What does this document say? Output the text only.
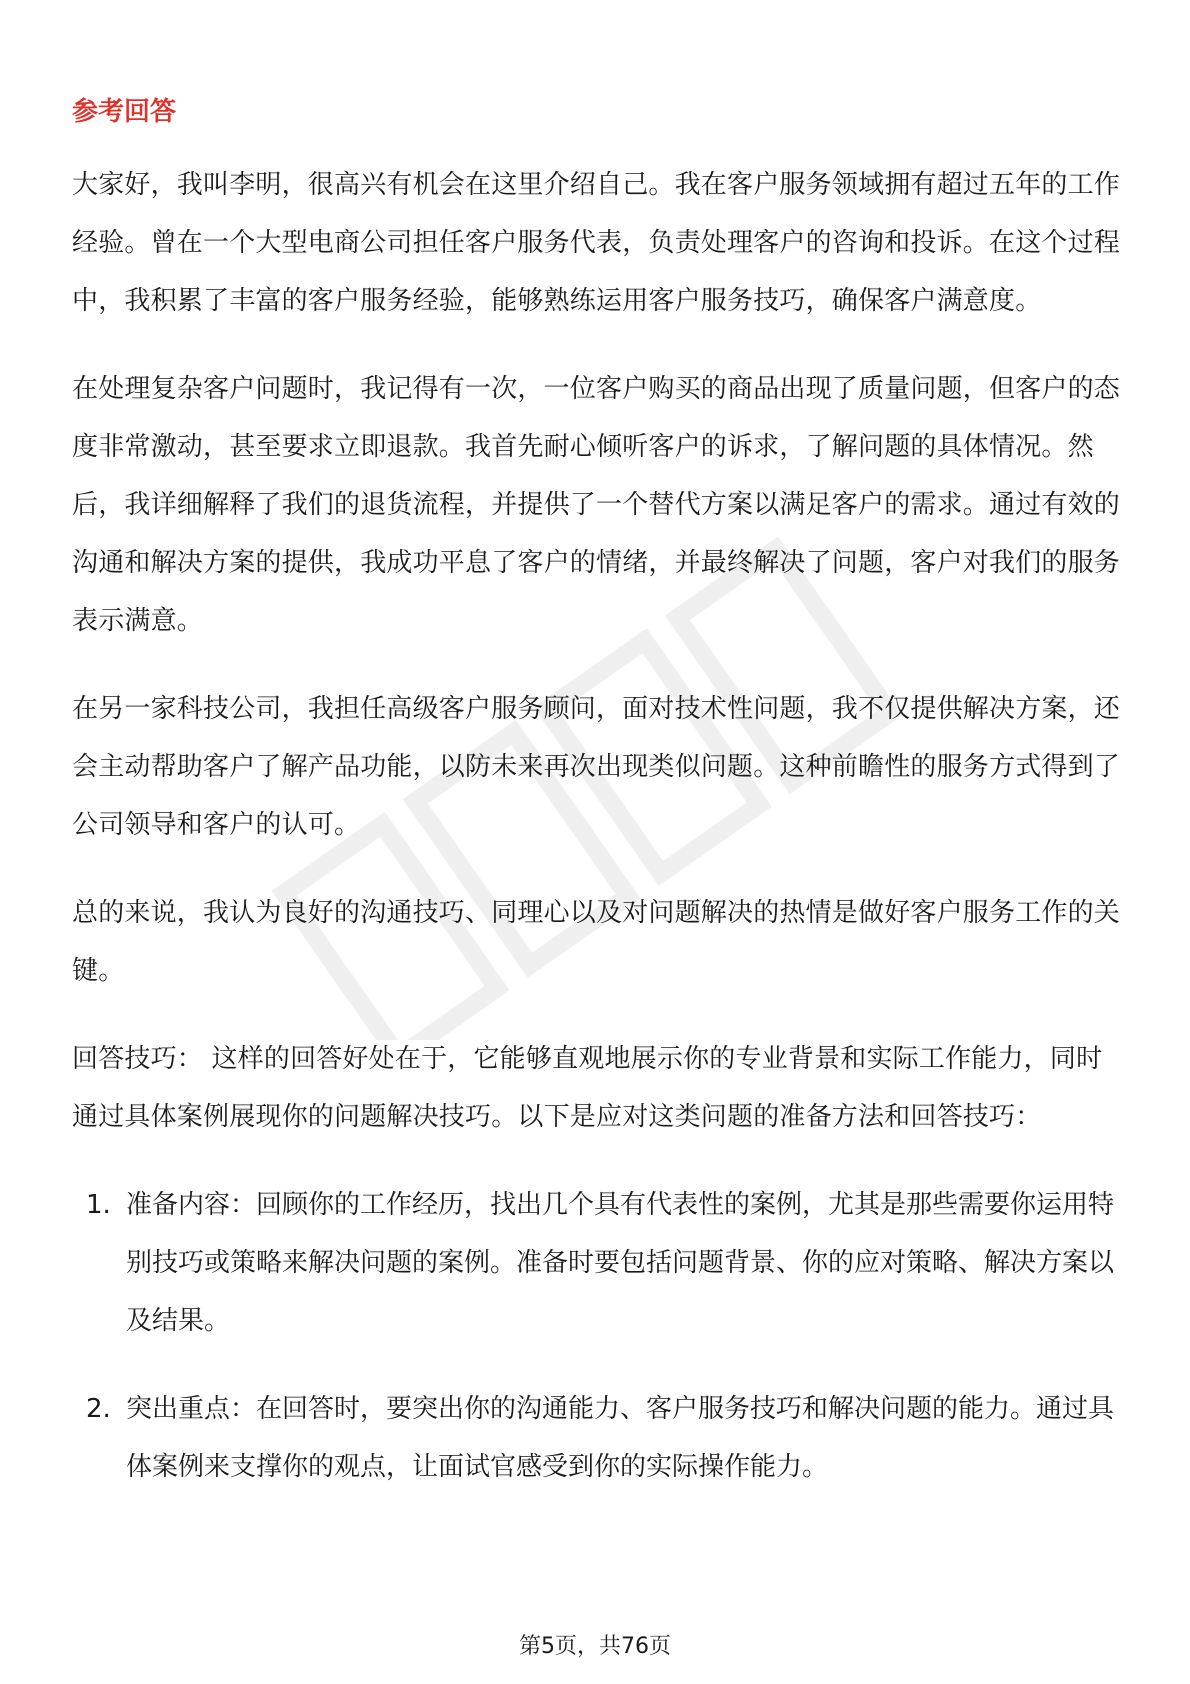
参考回答

大家好，我叫李明，很高兴有机会在这里介绍自己。我在客户服务领域拥有超过五年的工作经验。曾在一个大型电商公司担任客户服务代表，负责处理客户的咨询和投诉。在这个过程中，我积累了丰富的客户服务经验，能够熟练运用客户服务技巧，确保客户满意度。

在处理复杂客户问题时，我记得有一次，一位客户购买的商品出现了质量问题，但客户的态度非常激动，甚至要求立即退款。我首先耐心倾听客户的诉求，了解问题的具体情况。然后，我详细解释了我们的退货流程，并提供了一个替代方案以满足客户的需求。通过有效的沟通和解决方案的提供，我成功平息了客户的情绪，并最终解决了问题，客户对我们的服务表示满意。

在另一家科技公司，我担任高级客户服务顾问，面对技术性问题，我不仅提供解决方案，还会主动帮助客户了解产品功能，以防未来再次出现类似问题。这种前瞻性的服务方式得到了公司领导和客户的认可。

总的来说，我认为良好的沟通技巧、同理心以及对问题解决的热情是做好客户服务工作的关键。

回答技巧： 这样的回答好处在于，它能够直观地展示你的专业背景和实际工作能力，同时通过具体案例展现你的问题解决技巧。以下是应对这类问题的准备方法和回答技巧：

1. 准备内容：回顾你的工作经历，找出几个具有代表性的案例，尤其是那些需要你运用特别技巧或策略来解决问题的案例。准备时要包括问题背景、你的应对策略、解决方案以及结果。
2. 突出重点：在回答时，要突出你的沟通能力、客户服务技巧和解决问题的能力。通过具体案例来支撑你的观点，让面试官感受到你的实际操作能力。
第5页，共76页
